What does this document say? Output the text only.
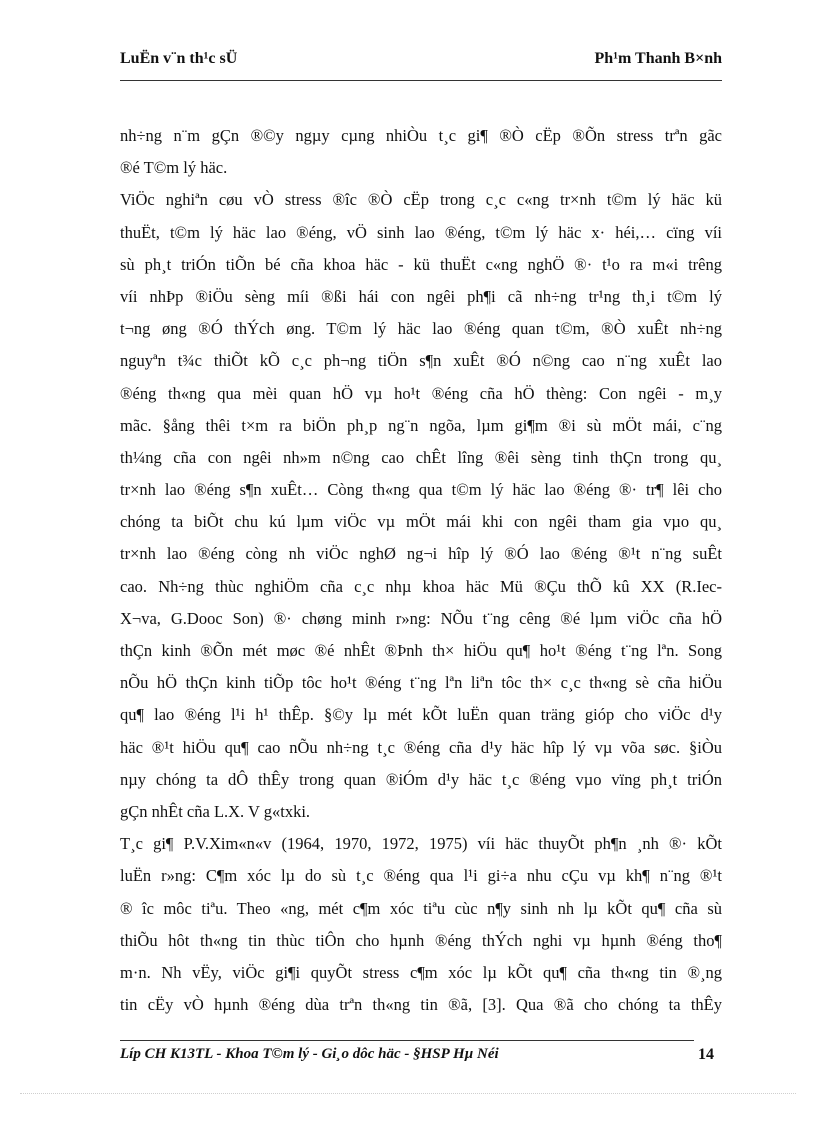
LuËn v¨n th¹c sÜ	Ph¹m Thanh B×nh
nh÷ng n¨m gÇn ®©y ngµy cµng nhiÒu t¸c gi¶ ®Ò cËp ®Õn stress trªn gãc
®é T©m lý häc.
ViÖc nghiªn cøu vÒ stress ®îc ®Ò cËp trong c¸c c«ng tr×nh t©m lý häc kü
thuËt, t©m lý häc lao ®éng, vÖ sinh lao ®éng, t©m lý häc x· héi,… cïng víi
sù ph¸t triÓn tiÕn bé cña khoa häc - kü thuËt c«ng nghÖ ®· t¹o ra m«i trêng
víi nhÞp ®iÖu sèng míi ®ßi hái con ngêi ph¶i cã nh÷ng tr¹ng th¸i t©m lý
t¬ng øng ®Ó thÝch øng. T©m lý häc lao ®éng quan t©m, ®Ò xuÊt nh÷ng
nguyªn t¾c thiÕt kÕ c¸c ph¬ng tiÖn s¶n xuÊt ®Ó n©ng cao n¨ng xuÊt lao
®éng th«ng qua mèi quan hÖ vµ ho¹t ®éng cña hÖ thèng: Con ngêi - m¸y
mãc. §ång thêi t×m ra biÖn ph¸p ng¨n ngõa, lµm gi¶m ®i sù mÖt mái, c¨ng
th¼ng cña con ngêi nh»m n©ng cao chÊt lîng ®êi sèng tinh thÇn trong qu¸
tr×nh lao ®éng s¶n xuÊt… Còng th«ng qua t©m lý häc lao ®éng ®· tr¶ lêi cho
chóng ta biÕt chu kú lµm viÖc vµ mÖt mái khi con ngêi tham gia vµo qu¸
tr×nh lao ®éng còng nh viÖc nghØ ng¬i hîp lý ®Ó lao ®éng ®¹t n¨ng suÊt
cao. Nh÷ng thùc nghiÖm cña c¸c nhµ khoa häc Mü ®Çu thÕ kû XX (R.Iec-
X¬va, G.Dooc Son) ®· chøng minh r»ng: NÕu t¨ng cêng ®é lµm viÖc cña hÖ
thÇn kinh ®Õn mét møc ®é nhÊt ®Þnh th× hiÖu qu¶ ho¹t ®éng t¨ng lªn. Song
nÕu hÖ thÇn kinh tiÕp tôc ho¹t ®éng t¨ng lªn liªn tôc th× c¸c th«ng sè cña hiÖu
qu¶ lao ®éng l¹i h¹ thÊp. §©y lµ mét kÕt luËn quan träng gióp cho viÖc d¹y
häc ®¹t hiÖu qu¶ cao nÕu nh÷ng t¸c ®éng cña d¹y häc hîp lý vµ võa søc. §iÒu
nµy chóng ta dÔ thÊy trong quan ®iÓm d¹y häc t¸c ®éng vµo vïng ph¸t triÓn
gÇn nhÊt cña L.X. V g«txki.
T¸c gi¶ P.V.Xim«n«v (1964, 1970, 1972, 1975) víi häc thuyÕt ph¶n ¸nh ®· kÕt
luËn r»ng: C¶m xóc lµ do sù t¸c ®éng qua l¹i gi÷a nhu cÇu vµ kh¶ n¨ng ®¹t
® îc môc tiªu. Theo «ng, mét c¶m xóc tiªu cùc n¶y sinh nh lµ kÕt qu¶ cña sù
thiÕu hôt th«ng tin thùc tiÔn cho hµnh ®éng thÝch nghi vµ hµnh ®éng tho¶
m·n. Nh vËy, viÖc gi¶i quyÕt stress c¶m xóc lµ kÕt qu¶ cña th«ng tin ®¸ng
tin cËy vÒ hµnh ®éng dùa trªn th«ng tin ®ã, [3]. Qua ®ã cho chóng ta thÊy
Líp CH K13TL - Khoa T©m lý - Gi¸o dôc häc - §HSP Hµ Néi	14
